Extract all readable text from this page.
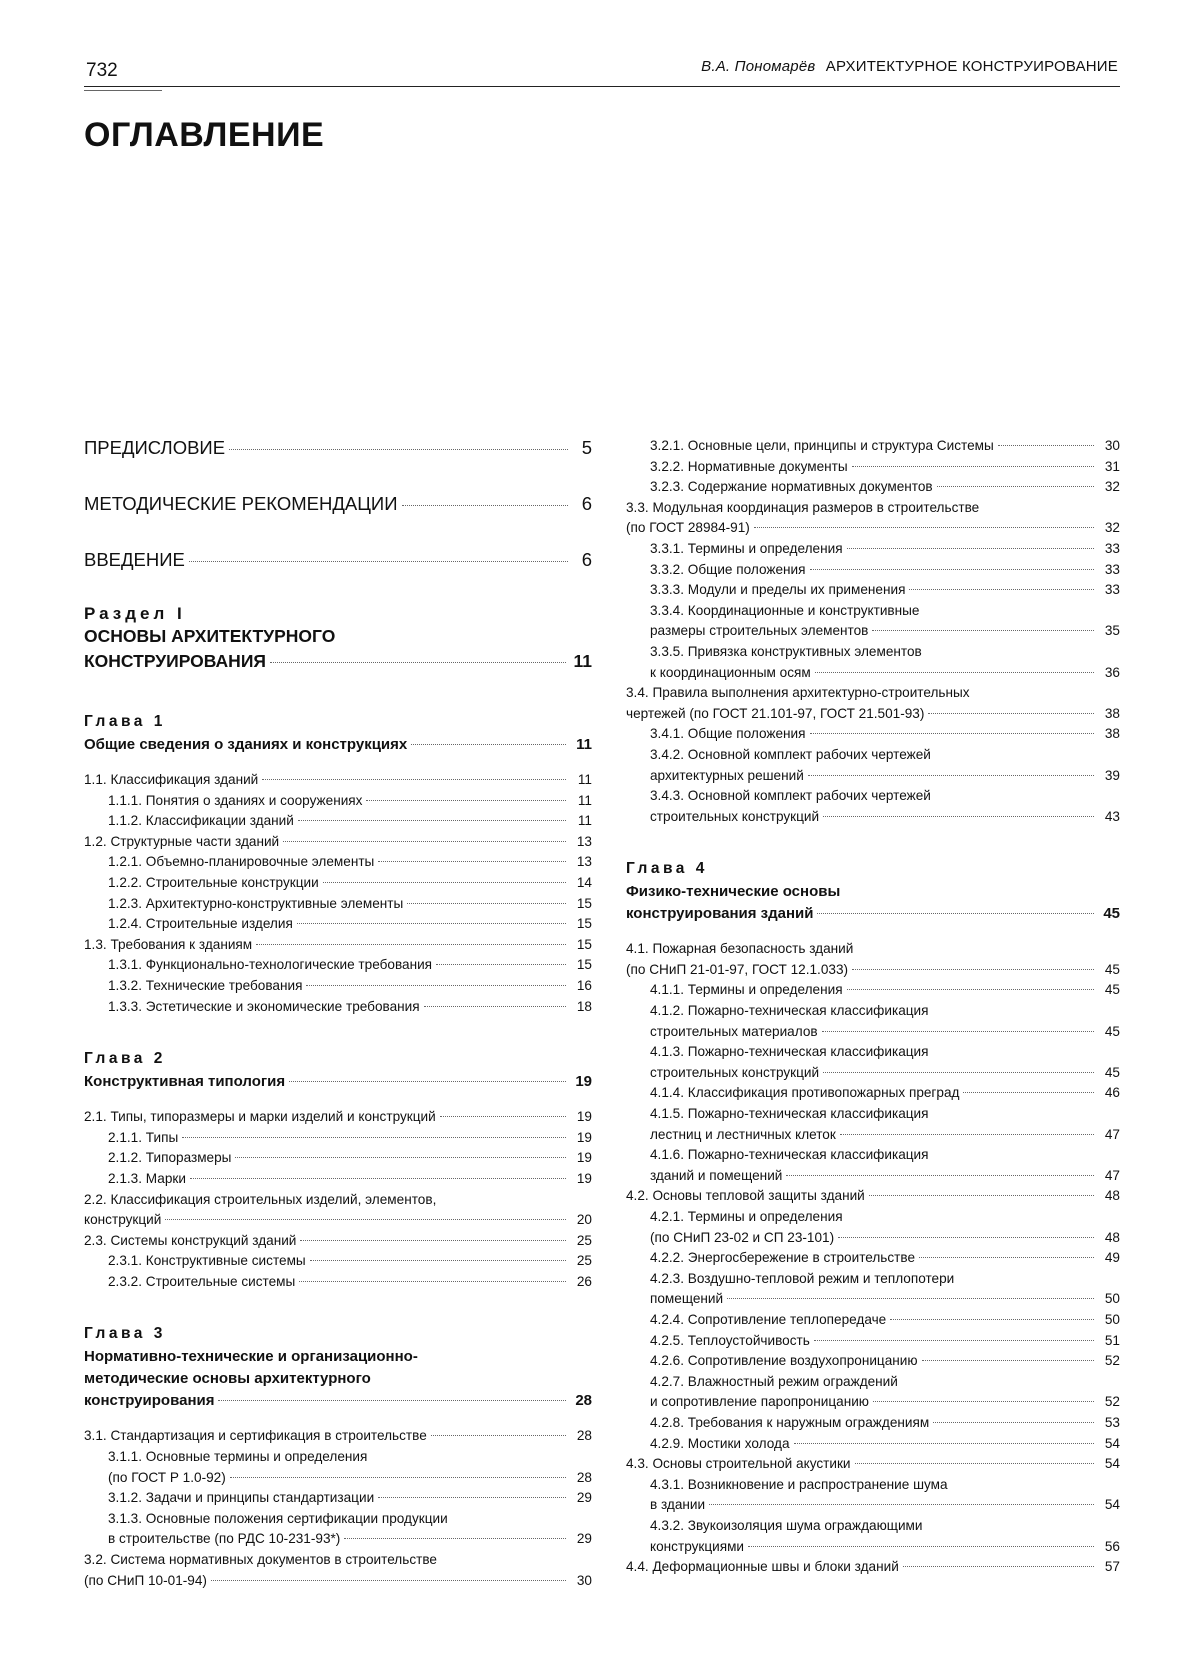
732	В.А. Пономарёв АРХИТЕКТУРНОЕ КОНСТРУИРОВАНИЕ
ОГЛАВЛЕНИЕ
ПРЕДИСЛОВИЕ	5
МЕТОДИЧЕСКИЕ РЕКОМЕНДАЦИИ	6
ВВЕДЕНИЕ	6
Раздел I
ОСНОВЫ АРХИТЕКТУРНОГО
КОНСТРУИРОВАНИЯ	11
Глава 1
Общие сведения о зданиях и конструкциях	11
1.1. Классификация зданий	11
1.1.1. Понятия о зданиях и сооружениях	11
1.1.2. Классификации зданий	11
1.2. Структурные части зданий	13
1.2.1. Объемно-планировочные элементы	13
1.2.2. Строительные конструкции	14
1.2.3. Архитектурно-конструктивные элементы	15
1.2.4. Строительные изделия	15
1.3. Требования к зданиям	15
1.3.1. Функционально-технологические требования	15
1.3.2. Технические требования	16
1.3.3. Эстетические и экономические требования	18
Глава 2
Конструктивная типология	19
2.1. Типы, типоразмеры и марки изделий и конструкций	19
2.1.1. Типы	19
2.1.2. Типоразмеры	19
2.1.3. Марки	19
2.2. Классификация строительных изделий, элементов,
конструкций	20
2.3. Системы конструкций зданий	25
2.3.1. Конструктивные системы	25
2.3.2. Строительные системы	26
Глава 3
Нормативно-технические и организационно-
методические основы архитектурного
конструирования	28
3.1. Стандартизация и сертификация в строительстве	28
3.1.1. Основные термины и определения
(по ГОСТ Р 1.0-92)	28
3.1.2. Задачи и принципы стандартизации	29
3.1.3. Основные положения сертификации продукции
в строительстве (по РДС 10-231-93*)	29
3.2. Система нормативных документов в строительстве
(по СНиП 10-01-94)	30
3.2.1. Основные цели, принципы и структура Системы	30
3.2.2. Нормативные документы	31
3.2.3. Содержание нормативных документов	32
3.3. Модульная координация размеров в строительстве
(по ГОСТ 28984-91)	32
3.3.1. Термины и определения	33
3.3.2. Общие положения	33
3.3.3. Модули и пределы их применения	33
3.3.4. Координационные и конструктивные
размеры строительных элементов	35
3.3.5. Привязка конструктивных элементов
к координационным осям	36
3.4. Правила выполнения архитектурно-строительных
чертежей (по ГОСТ 21.101-97, ГОСТ 21.501-93)	38
3.4.1. Общие положения	38
3.4.2. Основной комплект рабочих чертежей
архитектурных решений	39
3.4.3. Основной комплект рабочих чертежей
строительных конструкций	43
Глава 4
Физико-технические основы
конструирования зданий	45
4.1. Пожарная безопасность зданий
(по СНиП 21-01-97, ГОСТ 12.1.033)	45
4.1.1. Термины и определения	45
4.1.2. Пожарно-техническая классификация
строительных материалов	45
4.1.3. Пожарно-техническая классификация
строительных конструкций	45
4.1.4. Классификация противопожарных преград	46
4.1.5. Пожарно-техническая классификация
лестниц и лестничных клеток	47
4.1.6. Пожарно-техническая классификация
зданий и помещений	47
4.2. Основы тепловой защиты зданий	48
4.2.1. Термины и определения
(по СНиП 23-02 и СП 23-101)	48
4.2.2. Энергосбережение в строительстве	49
4.2.3. Воздушно-тепловой режим и теплопотери
помещений	50
4.2.4. Сопротивление теплопередаче	50
4.2.5. Теплоустойчивость	51
4.2.6. Сопротивление воздухопроницанию	52
4.2.7. Влажностный режим ограждений
и сопротивление паропроницанию	52
4.2.8. Требования к наружным ограждениям	53
4.2.9. Мостики холода	54
4.3. Основы строительной акустики	54
4.3.1. Возникновение и распространение шума
в здании	54
4.3.2. Звукоизоляция шума ограждающими
конструкциями	56
4.4. Деформационные швы и блоки зданий	57
